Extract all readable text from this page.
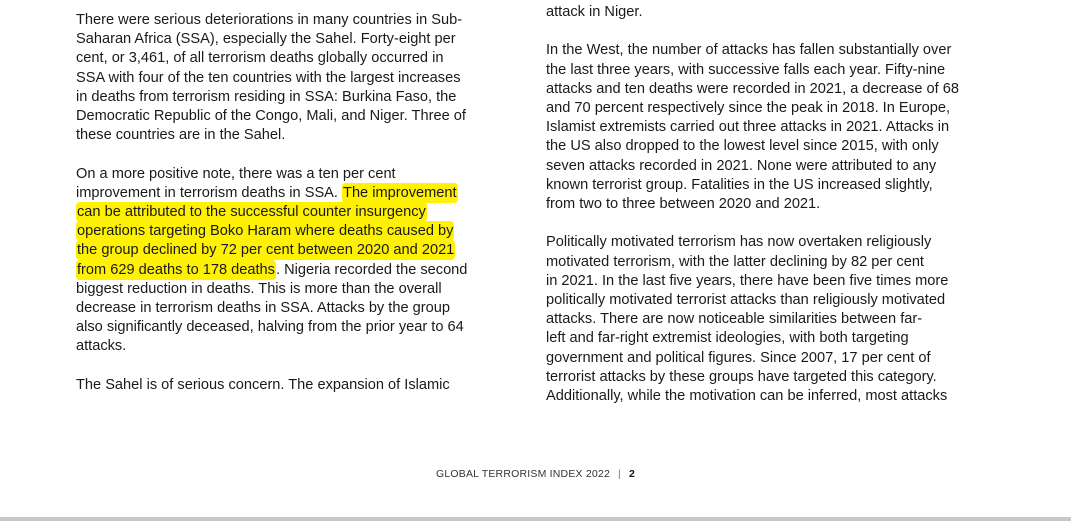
There were serious deteriorations in many countries in Sub-
Saharan Africa (SSA), especially the Sahel. Forty-eight per
cent, or 3,461, of all terrorism deaths globally occurred in
SSA with four of the ten countries with the largest increases
in deaths from terrorism residing in SSA: Burkina Faso, the
Democratic Republic of the Congo, Mali, and Niger. Three of
these countries are in the Sahel.

On a more positive note, there was a ten per cent
improvement in terrorism deaths in SSA. The improvement
can be attributed to the successful counter insurgency
operations targeting Boko Haram where deaths caused by
the group declined by 72 per cent between 2020 and 2021
from 629 deaths to 178 deaths. Nigeria recorded the second
biggest reduction in deaths. This is more than the overall
decrease in terrorism deaths in SSA. Attacks by the group
also significantly deceased, halving from the prior year to 64
attacks.

The Sahel is of serious concern. The expansion of Islamic

attack in Niger.

In the West, the number of attacks has fallen substantially over
the last three years, with successive falls each year. Fifty-nine
attacks and ten deaths were recorded in 2021, a decrease of 68
and 70 percent respectively since the peak in 2018. In Europe,
Islamist extremists carried out three attacks in 2021. Attacks in
the US also dropped to the lowest level since 2015, with only
seven attacks recorded in 2021. None were attributed to any
known terrorist group. Fatalities in the US increased slightly,
from two to three between 2020 and 2021.

Politically motivated terrorism has now overtaken religiously
motivated terrorism, with the latter declining by 82 per cent
in 2021. In the last five years, there have been five times more
politically motivated terrorist attacks than religiously motivated
attacks. There are now noticeable similarities between far-
left and far-right extremist ideologies, with both targeting
government and political figures. Since 2007, 17 per cent of
terrorist attacks by these groups have targeted this category.
Additionally, while the motivation can be inferred, most attacks

GLOBAL TERRORISM INDEX 2022 | 2
